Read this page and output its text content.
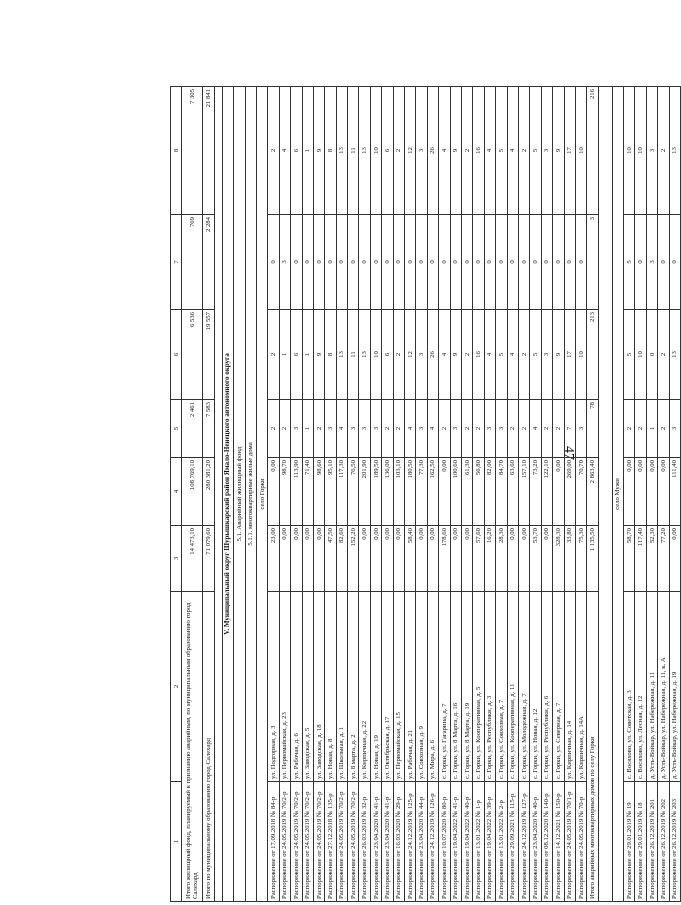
47
1	2	3	4	5	6	7	8
Итого жилищный фонд, планируемый к признанию аварийным, по муниципальным образованию город Салехард		14 473,10	108 769,10	2 461	6 536	769	7 305
Итого по муниципальному образованию город Салехард		71 079,60	280 381,20	7 583	19 557	2 284	21 841

V. Муниципальный округ Шурышкарский район Ямало-Ненецкого автономного округа							
5.1. Аварийный жилищный фонд							
5.1.1. многоквартирные жилые дома							
село Горки							
Распоряжение от 17.09.2018 № 84-р	ул. Подгорная, д. 3	23,00	0,00	2	2	0	2
Распоряжение от 24.05.2019 № 70/2-р	ул. Первомайская, д. 23	0,00	98,70	2	1	3	4
Распоряжение от 24.05.2019 № 70/2-р	ул. Рабочая, д. 6	0,00	113,90	3	6	0	6
Распоряжение от 24.05.2019 № 70/2-р	ул. Заводская, д. 5	0,00	71,40	1	1	0	1
Распоряжение от 24.05.2019 № 70/2-р	ул. Заводская, д. 18	0,00	98,60	2	9	0	9
Распоряжение от 27.12.2018 № 135-р	ул. Новая, д. 8	47,50	95,10	3	8	0	8
Распоряжение от 24.05.2019 № 70/2-р	ул. Школьная, д. 1	82,60	117,30	4	13	0	13
Распоряжение от 24.05.2019 № 70/2-р	ул. 8 марта, д. 2	152,20	76,50	3	11	0	11
Распоряжение от 26.03.2019 № 32-р	ул. Кирпичная, д. 22	0,00	201,90	3	13	0	13
Распоряжение от 23.04.2020 № 41-р	ул. Новая, д. 19	0,00	189,50	3	10	0	10
Распоряжение от 23.04.2020 № 41-р	ул. Октябрьская, д. 17	0,00	136,00	2	6	0	6
Распоряжение от 16.03.2020 № 29-р	ул. Первомайская, д. 15	0,00	103,10	2	2	0	2
Распоряжение от 24.12.2019 № 125-р	ул. Рабочая, д. 21	58,40	180,50	4	12	0	12
Распоряжение от 23.04.2020 № 44-р	ул. Совхозная, д. 9	0,00	77,30	3	3	0	3
Распоряжение от 24.12.2019 № 126-р	ул. Мира, д. 6	0,00	162,50	4	26	0	26
Распоряжение от 10.07.2020 № 80-р	с. Горки, ул. Гагарина, д. 7	178,60	0,00	2	4	0	4
Распоряжение от 19.04.2022 № 41-р	с. Горки, ул. 8 Марта, д. 16	0,00	100,60	3	9	0	9
Распоряжение от 19.04.2022 № 40-р	с. Горки, ул. 8 Марта, д. 19	0,00	61,30	2	2	0	2
Распоряжение от 13.01.2022 № 1-р	с. Горки, ул. Кооперативная, д. 5	57,60	56,80	2	16	0	16
Распоряжение от 19.04.2022 № 39-р	с. Горки, ул. Республики, д. 3	16,20	82,00	3	4	0	4
Распоряжение от 13.01.2022 № 2-р	с. Горки, ул. Совхозная, д. 7	28,30	84,70	3	5	0	5
Распоряжение от 29.09.2021 № 115-р	с. Горки, ул. Кооперативная, д. 11	0,00	63,60	2	4	0	4
Распоряжение от 24.12.2019 № 127-р	с. Горки, ул. Молодежная, д. 7	0,00	157,10	2	2	0	2
Распоряжение от 23.04.2020 № 40-р	с. Горки, ул. Новая, д. 12	53,70	73,20	4	5	0	5
Распоряжение от 08.12.2020 № 140-р	с. Горки, ул. Республики, д. 6	0,00	122,10	2	3	0	3
Распоряжение от 14.12.2021 № 150-р	с. Горки, ул. Северная, д. 7	328,30	0,00	2	9	0	9
Распоряжение от 24.05.2019 № 70/1-р	ул. Кирпичная, д. 14	33,80	269,00	7	17	0	17
Распоряжение от 24.05.2019 № 70-р	ул. Кирпичная, д. 14А	75,30	70,70	3	10	0	10
Итого аварийных многоквартирных домов по селу Горки		1 135,50	2 863,40	78	213	3	216

село Мужи							
Распоряжение от 29.01.2019 № 19	с. Восяхово, ул. Советская, д. 3	58,70	0,00	2	5	5	10
Распоряжение от 29.01.2019 № 18	с. Восяхово, ул. Лесная, д. 12	117,40	0,00	2	10	0	10
Распоряжение от 26.12.2019 № 201	д. Усть-Войкар, ул. Набережная, д. 11	52,30	0,00	1	0	3	3
Распоряжение от 26.12.2019 № 202	д. Усть-Войкар, ул. Набережная, д. 11, к. А	77,20	0,00	2	2	0	2
Распоряжение от 26.12.2019 № 203	д. Усть-Войкар, ул. Набережная, д. 19	0,00	111,40	3	13	0	13
